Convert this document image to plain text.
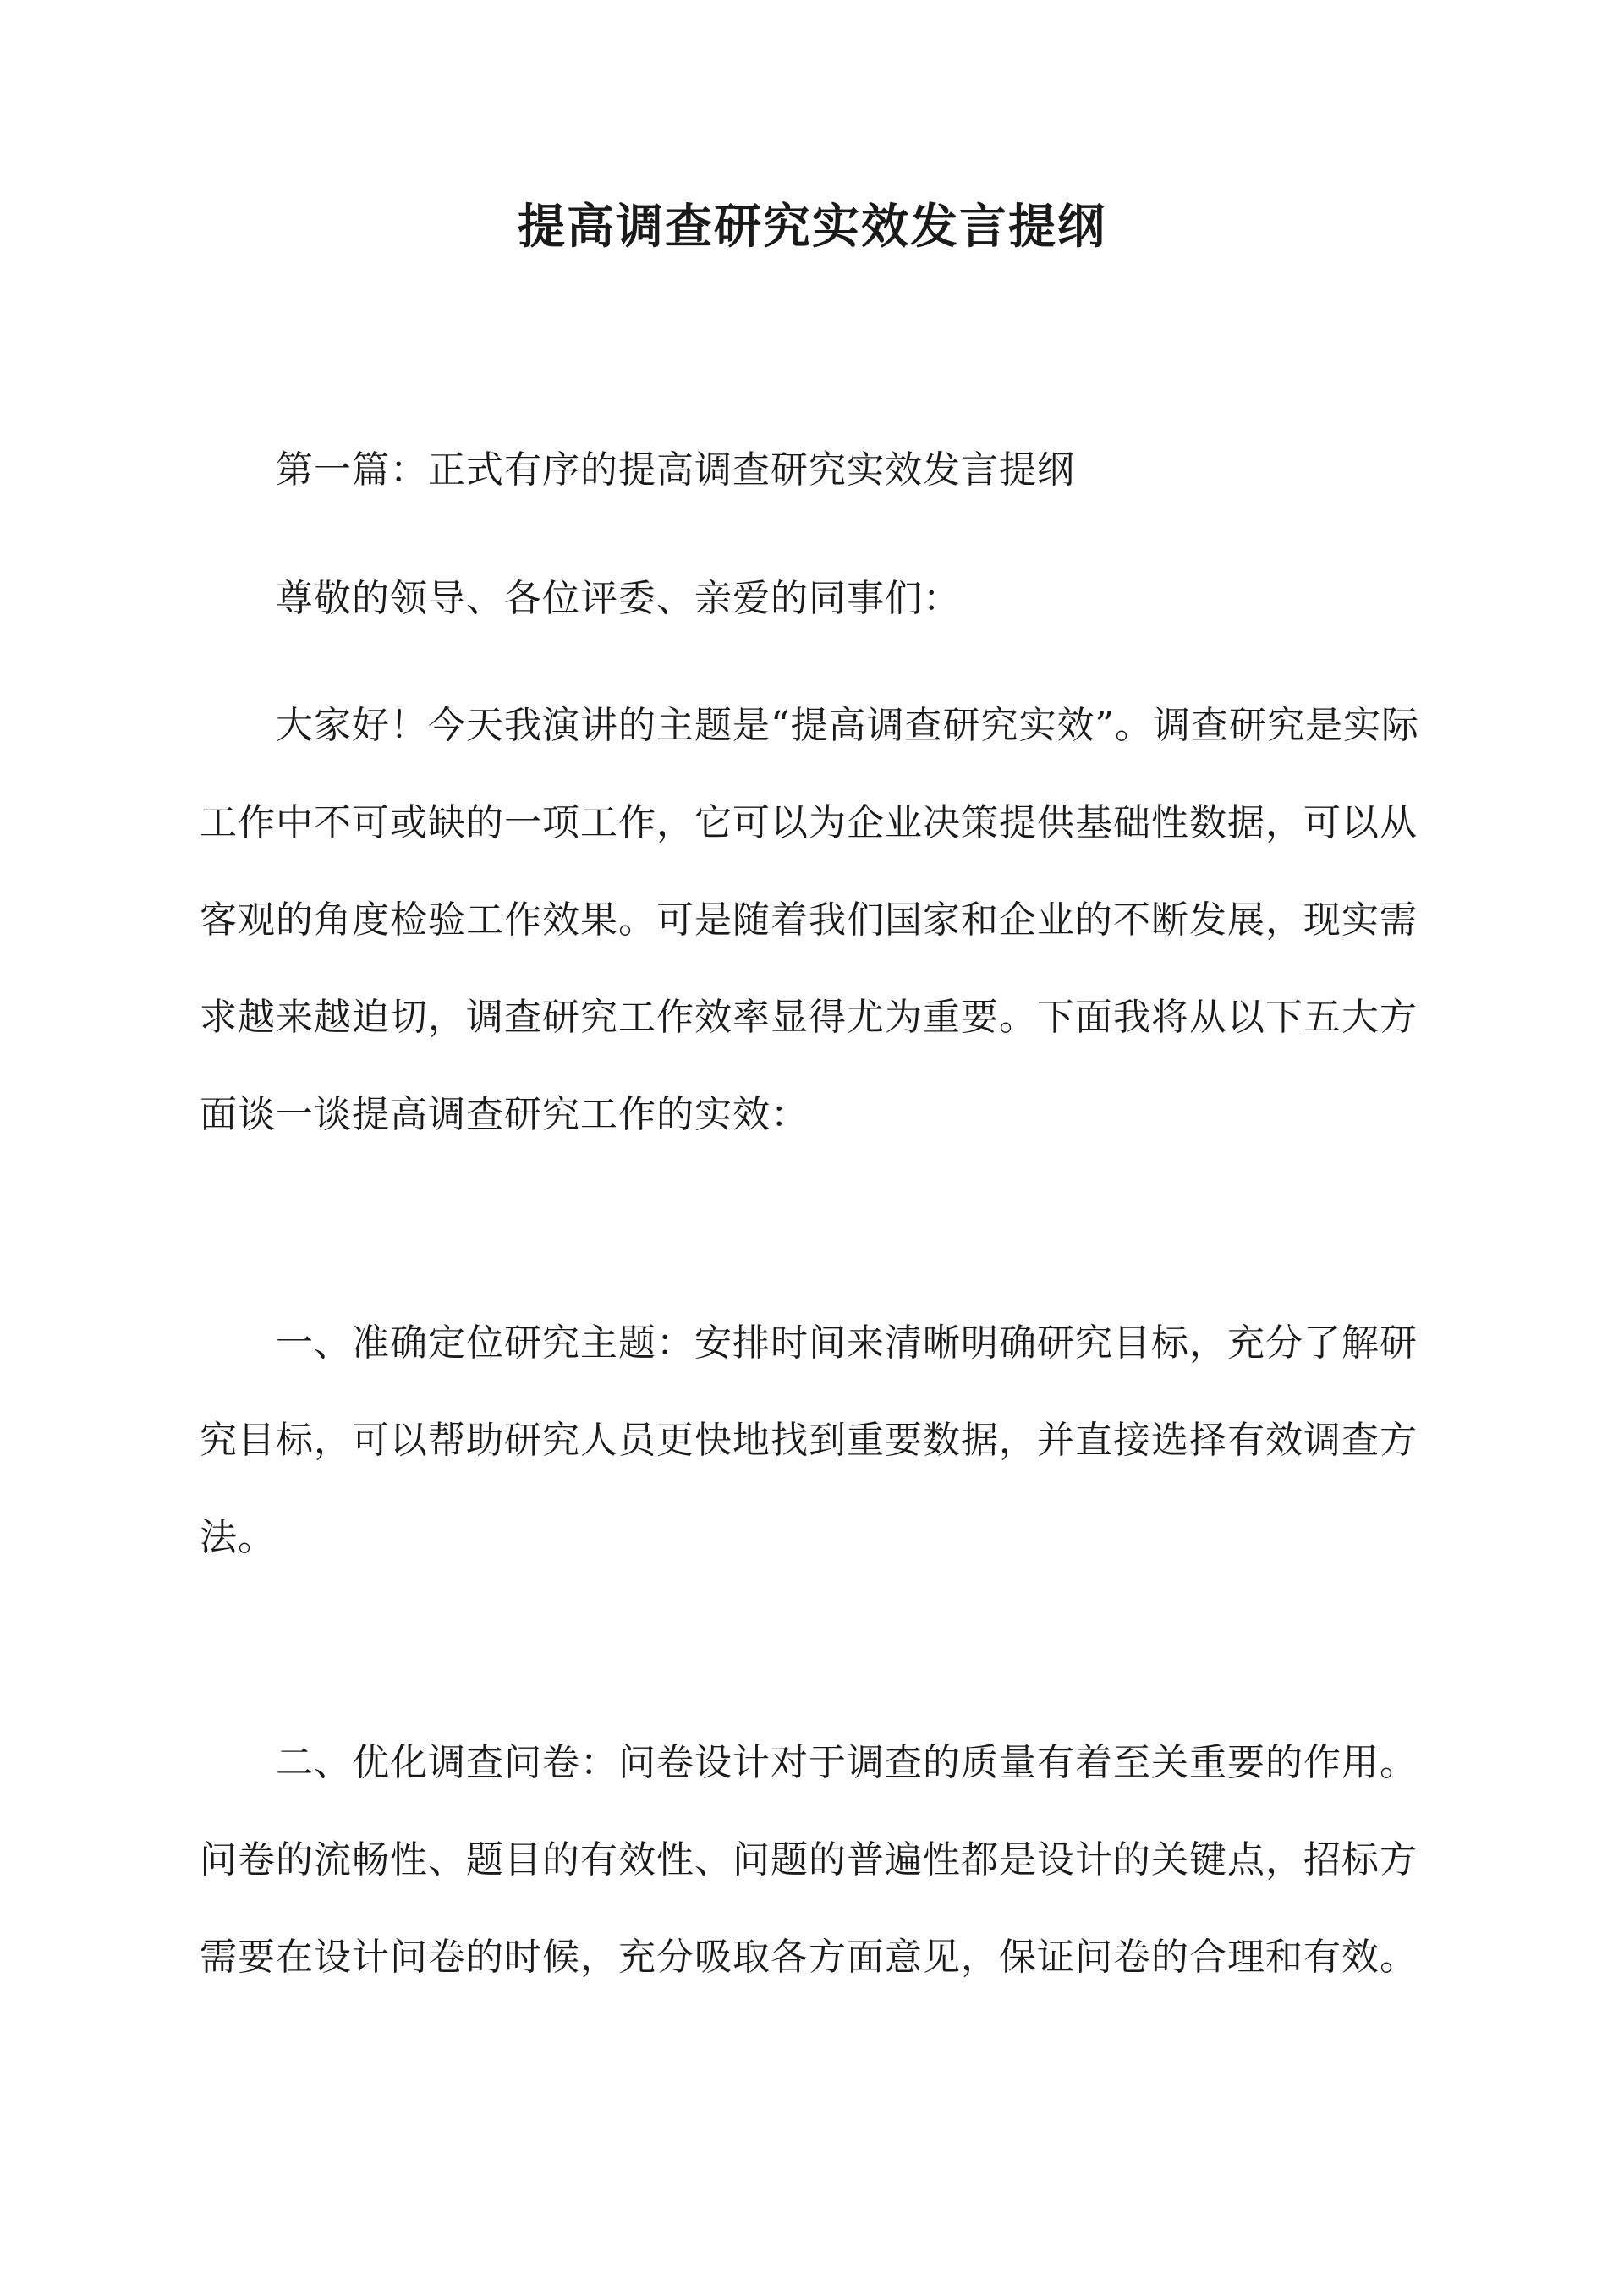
提高调查研究实效发言提纲

第一篇：正式有序的提高调查研究实效发言提纲

尊敬的领导、各位评委、亲爱的同事们：

大家好！今天我演讲的主题是“提高调查研究实效”。调查研究是实际工作中不可或缺的一项工作，它可以为企业决策提供基础性数据，可以从客观的角度检验工作效果。可是随着我们国家和企业的不断发展，现实需求越来越迫切，调查研究工作效率显得尤为重要。下面我将从以下五大方面谈一谈提高调查研究工作的实效：

一、准确定位研究主题：安排时间来清晰明确研究目标，充分了解研究目标，可以帮助研究人员更快地找到重要数据，并直接选择有效调查方法。

二、优化调查问卷：问卷设计对于调查的质量有着至关重要的作用。问卷的流畅性、题目的有效性、问题的普遍性都是设计的关键点，招标方需要在设计问卷的时候，充分吸取各方面意见，保证问卷的合理和有效。
